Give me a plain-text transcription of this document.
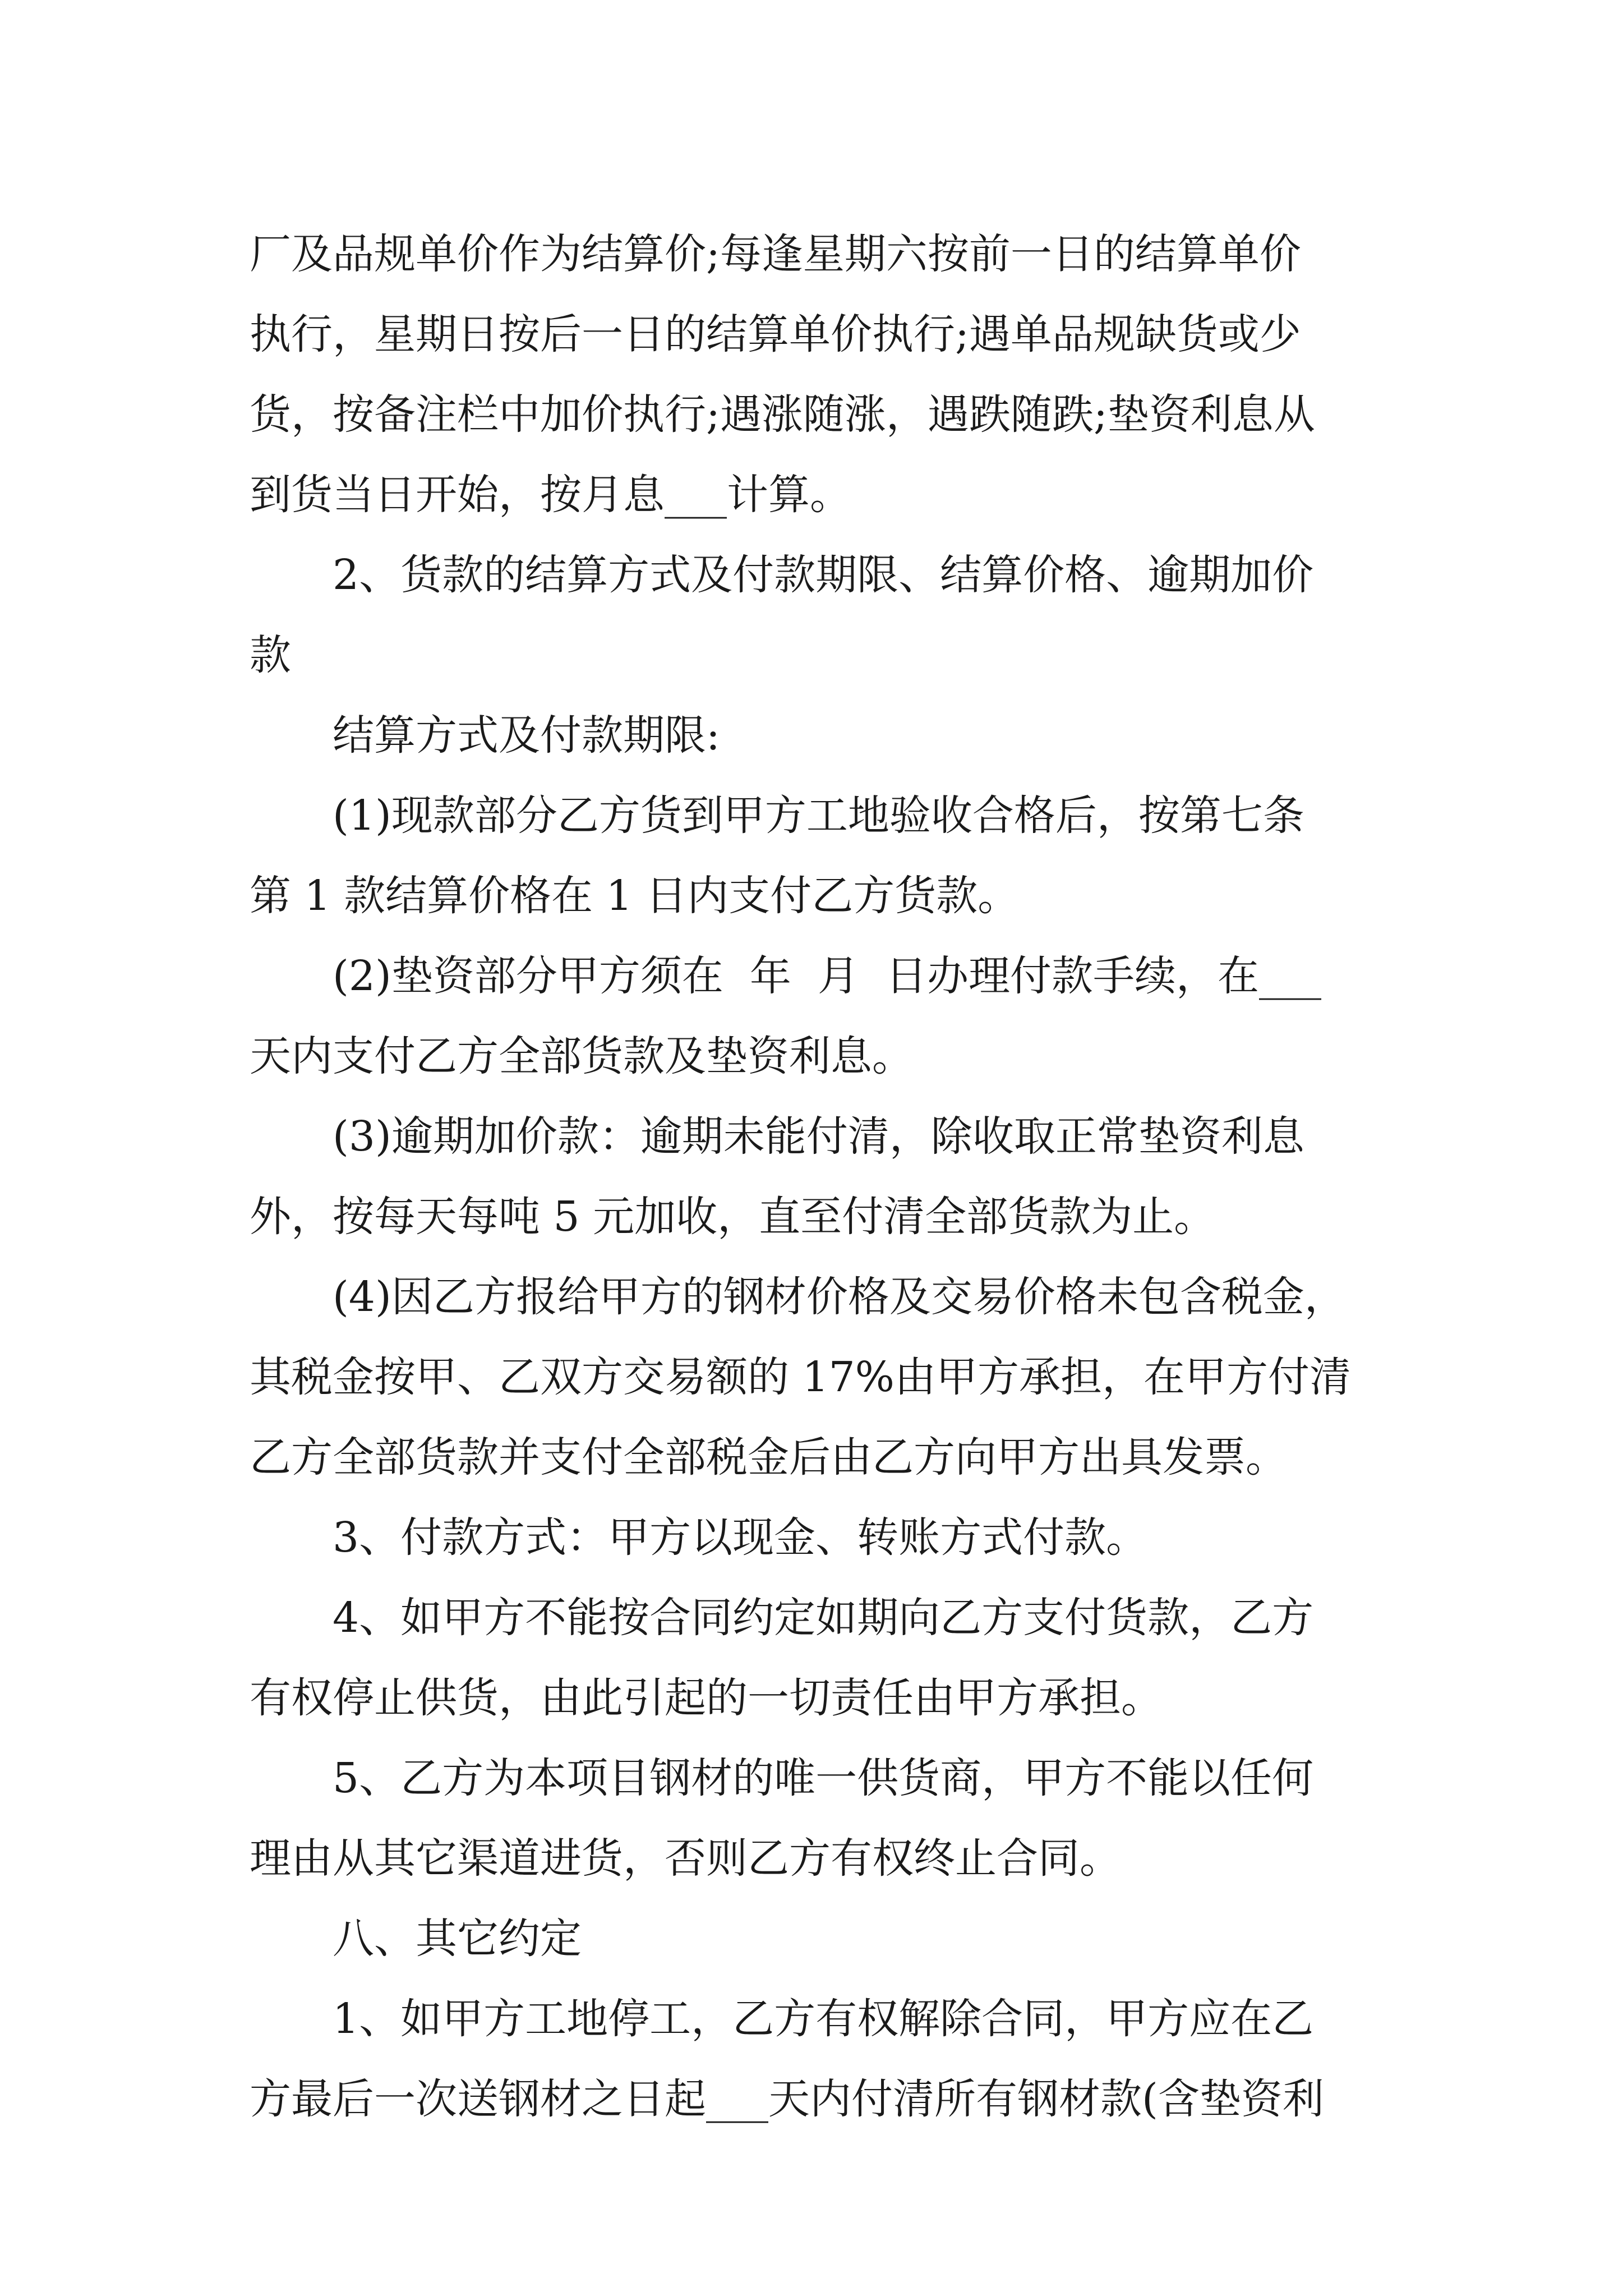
厂及品规单价作为结算价;每逢星期六按前一日的结算单价
执行，星期日按后一日的结算单价执行;遇单品规缺货或少
货，按备注栏中加价执行;遇涨随涨，遇跌随跌;垫资利息从
到货当日开始，按月息___计算。
2、货款的结算方式及付款期限、结算价格、逾期加价
款
结算方式及付款期限:
(1)现款部分乙方货到甲方工地验收合格后，按第七条
第 1 款结算价格在 1 日内支付乙方货款。
(2)垫资部分甲方须在  年  月  日办理付款手续，在___
天内支付乙方全部货款及垫资利息。
(3)逾期加价款：逾期未能付清，除收取正常垫资利息
外，按每天每吨 5 元加收，直至付清全部货款为止。
(4)因乙方报给甲方的钢材价格及交易价格未包含税金，
其税金按甲、乙双方交易额的 17%由甲方承担，在甲方付清
乙方全部货款并支付全部税金后由乙方向甲方出具发票。
3、付款方式：甲方以现金、转账方式付款。
4、如甲方不能按合同约定如期向乙方支付货款，乙方
有权停止供货，由此引起的一切责任由甲方承担。
5、乙方为本项目钢材的唯一供货商，甲方不能以任何
理由从其它渠道进货，否则乙方有权终止合同。
八、其它约定
1、如甲方工地停工，乙方有权解除合同，甲方应在乙
方最后一次送钢材之日起___天内付清所有钢材款(含垫资利
